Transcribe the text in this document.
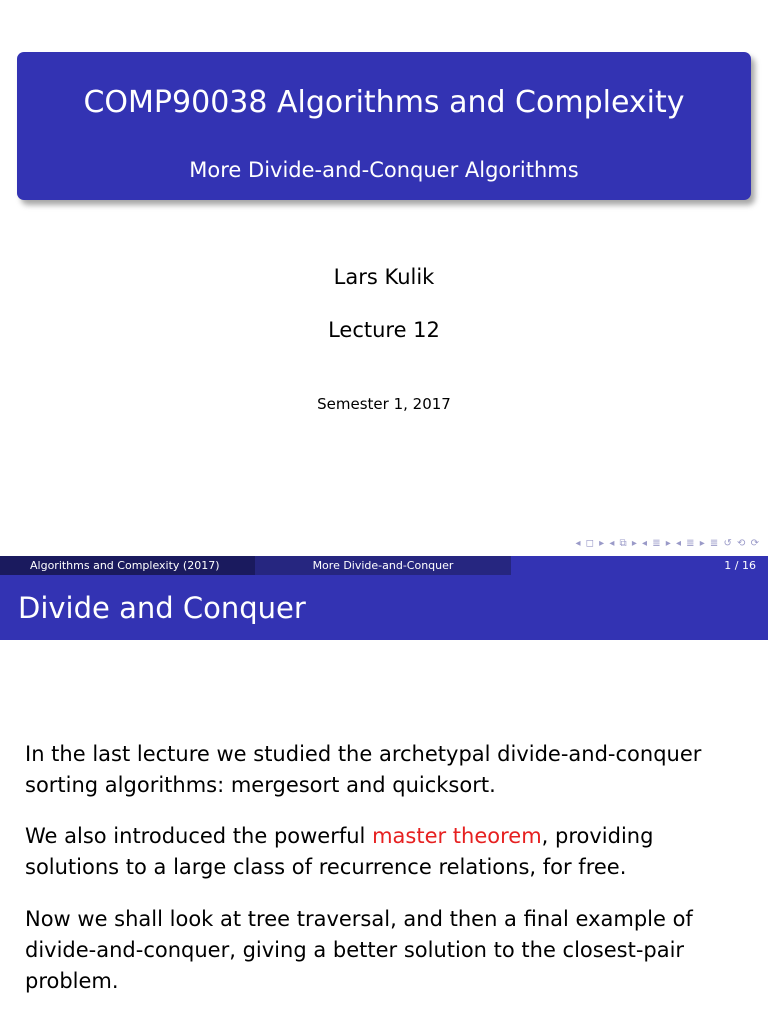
COMP90038 Algorithms and Complexity
More Divide-and-Conquer Algorithms
Lars Kulik
Lecture 12
Semester 1, 2017
◂ ◻ ▸ ◂ ⧉ ▸ ◂ ≣ ▸ ◂ ≣ ▸ ≣ ↺ ⟲ ⟳
Algorithms and Complexity (2017)	More Divide-and-Conquer	1 / 16
Divide and Conquer
In the last lecture we studied the archetypal divide-and-conquer sorting algorithms: mergesort and quicksort.
We also introduced the powerful master theorem, providing solutions to a large class of recurrence relations, for free.
Now we shall look at tree traversal, and then a final example of divide-and-conquer, giving a better solution to the closest-pair problem.
